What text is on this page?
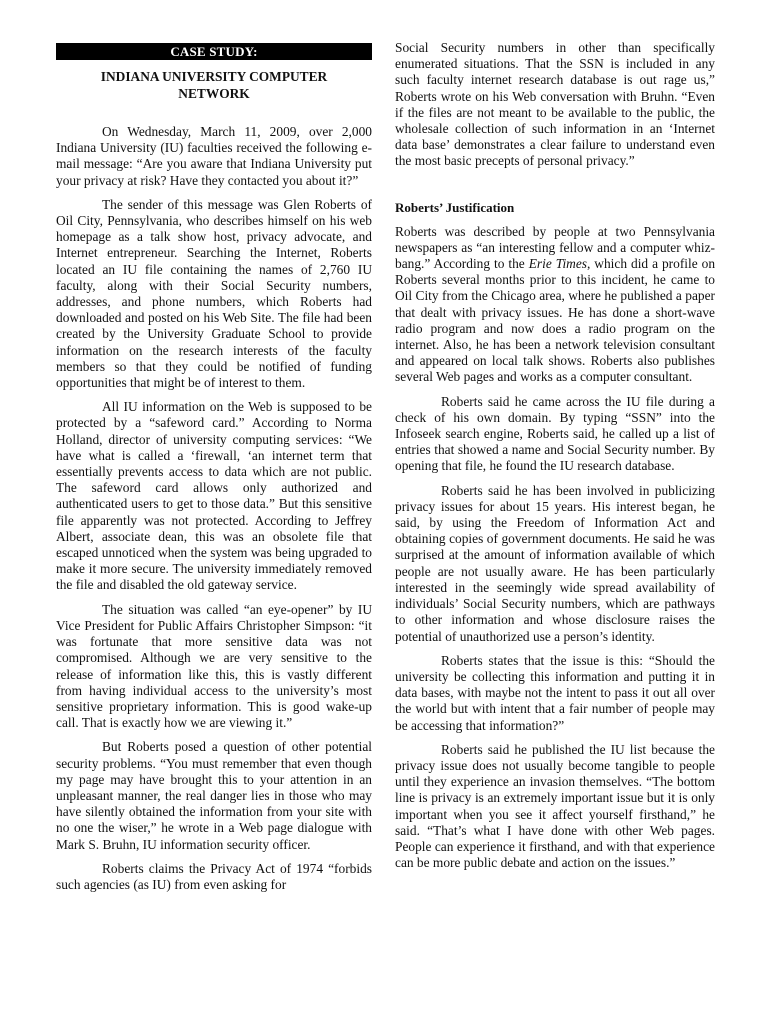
CASE STUDY:
INDIANA UNIVERSITY COMPUTER
NETWORK

On Wednesday, March 11, 2009, over 2,000 Indiana University (IU) faculties received the following e-mail message: “Are you aware that Indiana University put your privacy at risk? Have they contacted you about it?”

The sender of this message was Glen Roberts of Oil City, Pennsylvania, who describes himself on his web homepage as a talk show host, privacy advocate, and Internet entrepreneur. Searching the Internet, Roberts located an IU file containing the names of 2,760 IU faculty, along with their Social Security numbers, addresses, and phone numbers, which Roberts had downloaded and posted on his Web Site. The file had been created by the University Graduate School to provide information on the research interests of the faculty members so that they could be notified of funding opportunities that might be of interest to them.

All IU information on the Web is supposed to be protected by a “safeword card.” According to Norma Holland, director of university computing services: “We have what is called a ‘firewall, ‘an internet term that essentially prevents access to data which are not public. The safeword card allows only authorized and authenticated users to get to those data.” But this sensitive file apparently was not protected. According to Jeffrey Albert, associate dean, this was an obsolete file that escaped unnoticed when the system was being upgraded to make it more secure. The university immediately removed the file and disabled the old gateway service.

The situation was called “an eye-opener” by IU Vice President for Public Affairs Christopher Simpson: “it was fortunate that more sensitive data was not compromised. Although we are very sensitive to the release of information like this, this is vastly different from having individual access to the university’s most sensitive proprietary information. This is good wake-up call. That is exactly how we are viewing it.”

But Roberts posed a question of other potential security problems. “You must remember that even though my page may have brought this to your attention in an unpleasant manner, the real danger lies in those who may have silently obtained the information from your site with no one the wiser,” he wrote in a Web page dialogue with Mark S. Bruhn, IU information security officer.

Roberts claims the Privacy Act of 1974 “forbids such agencies (as IU) from even asking for

Social Security numbers in other than specifically enumerated situations. That the SSN is included in any such faculty internet research database is out rage us,” Roberts wrote on his Web conversation with Bruhn. “Even if the files are not meant to be available to the public, the wholesale collection of such information in an ‘Internet data base’ demonstrates a clear failure to understand even the most basic precepts of personal privacy.”

Roberts’ Justification

Roberts was described by people at two Pennsylvania newspapers as “an interesting fellow and a computer whiz-bang.” According to the Erie Times, which did a profile on Roberts several months prior to this incident, he came to Oil City from the Chicago area, where he published a paper that dealt with privacy issues. He has done a short-wave radio program and now does a radio program on the internet. Also, he has been a network television consultant and appeared on local talk shows. Roberts also publishes several Web pages and works as a computer consultant.

Roberts said he came across the IU file during a check of his own domain. By typing “SSN” into the Infoseek search engine, Roberts said, he called up a list of entries that showed a name and Social Security number. By opening that file, he found the IU research database.

Roberts said he has been involved in publicizing privacy issues for about 15 years. His interest began, he said, by using the Freedom of Information Act and obtaining copies of government documents. He said he was surprised at the amount of information available of which people are not usually aware. He has been particularly interested in the seemingly wide spread availability of individuals’ Social Security numbers, which are pathways to other information and whose disclosure raises the potential of unauthorized use a person’s identity.

Roberts states that the issue is this: “Should the university be collecting this information and putting it in data bases, with maybe not the intent to pass it out all over the world but with intent that a fair number of people may be accessing that information?”

Roberts said he published the IU list because the privacy issue does not usually become tangible to people until they experience an invasion themselves. “The bottom line is privacy is an extremely important issue but it is only important when you see it affect yourself firsthand,” he said. “That’s what I have done with other Web pages. People can experience it firsthand, and with that experience can be more public debate and action on the issues.”
